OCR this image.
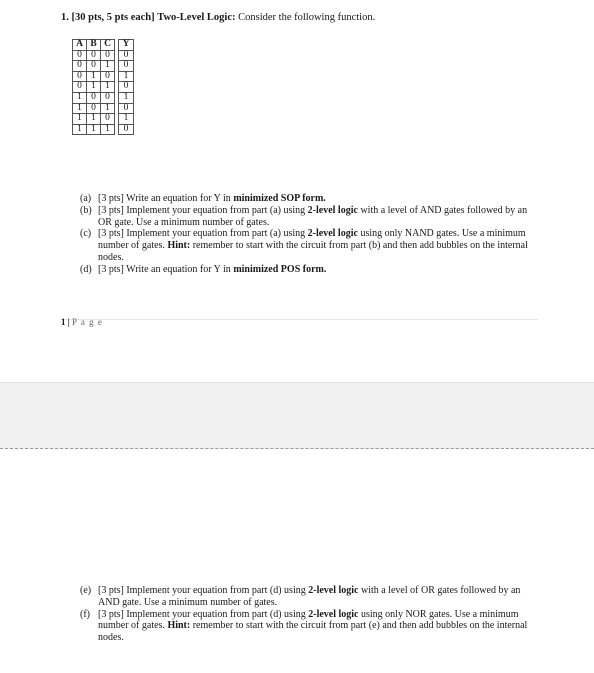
1. [30 pts, 5 pts each] Two-Level Logic: Consider the following function.
A	B	C		Y
0	0	0		0
0	0	1		0
0	1	0		1
0	1	1		0
1	0	0		1
1	0	1		0
1	1	0		1
1	1	1		0

(a) [3 pts] Write an equation for Y in minimized SOP form.

(b) [3 pts] Implement your equation from part (a) using 2-level logic with a level of AND gates followed by an OR gate. Use a minimum number of gates.

(c) [3 pts] Implement your equation from part (a) using 2-level logic using only NAND gates. Use a minimum number of gates. Hint: remember to start with the circuit from part (b) and then add bubbles on the internal nodes.

(d) [3 pts] Write an equation for Y in minimized POS form.

1 | P a g e

(e) [3 pts] Implement your equation from part (d) using 2-level logic with a level of OR gates followed by an AND gate. Use a minimum number of gates.

(f) [3 pts] Implement your equation from part (d) using 2-level logic using only NOR gates. Use a minimum number of gates. Hint: remember to start with the circuit from part (e) and then add bubbles on the internal nodes.
